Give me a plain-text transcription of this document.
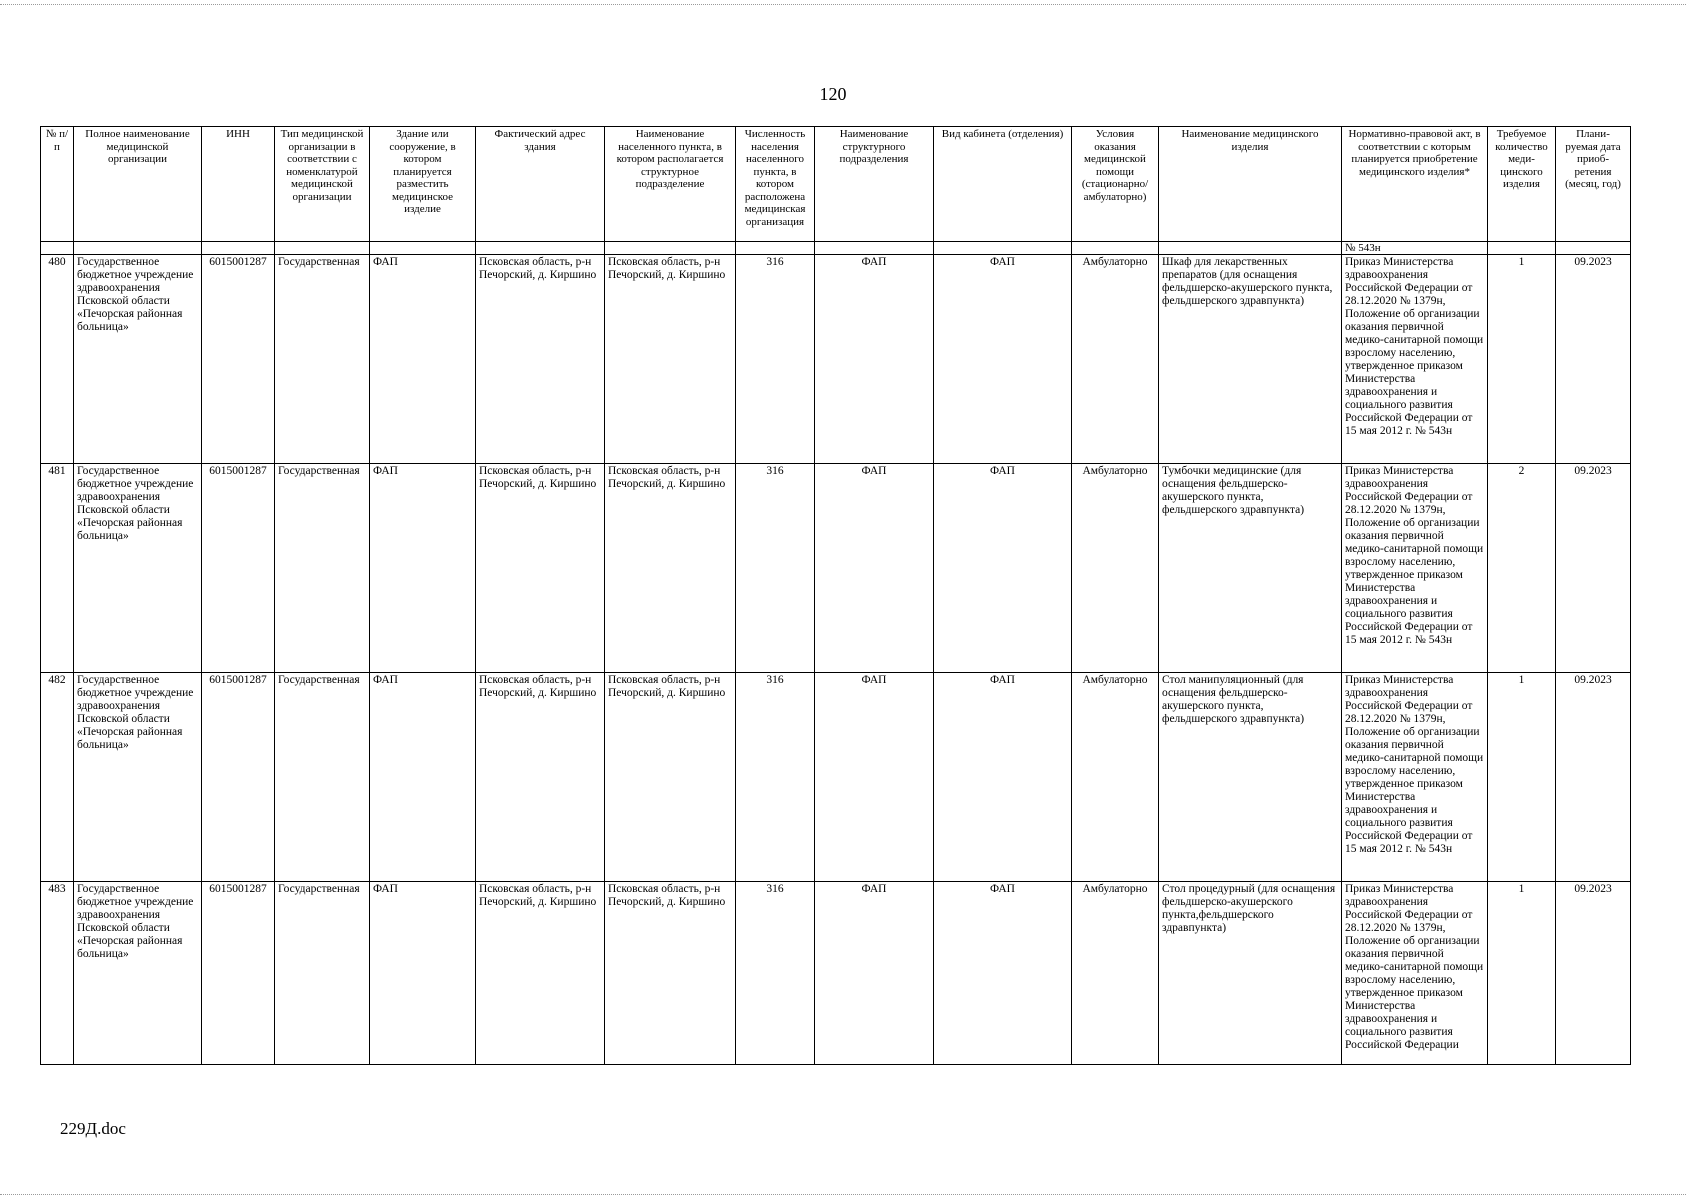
120
№ п/п	Полное наименование медицинской организации	ИНН	Тип медицинской организации в соответствии с номенклатурой медицинской организации	Здание или сооружение, в котором планируется разместить медицинское изделие	Фактический адрес здания	Наименование населенного пункта, в котором располагается структурное подразделение	Численность населения населенного пункта, в котором расположена медицинская организация	Наименование структурного подразделения	Вид кабинета (отделения)	Условия оказания медицинской помощи (стационарно/ амбулаторно)	Наименование медицинского изделия	Нормативно-правовой акт, в соответствии с которым планируется приобретение медицинского изделия*	Требуемое количество меди- цинского изделия	Плани- руемая дата приоб- ретения (месяц, год)
												№ 543н		
480	Государственное бюджетное учреждение здравоохранения Псковской области «Печорская районная больница»	6015001287	Государственная	ФАП	Псковская область, р-н Печорский, д. Киршино	Псковская область, р-н Печорский, д. Киршино	316	ФАП	ФАП	Амбулаторно	Шкаф для лекарственных препаратов (для оснащения фельдшерско-акушерского пункта, фельдшерского здравпункта)	Приказ Министерства здравоохранения Российской Федерации от 28.12.2020 № 1379н, Положение об организации оказания первичной медико-санитарной помощи взрослому населению, утвержденное приказом Министерства здравоохранения и социального развития Российской Федерации от 15 мая 2012 г. № 543н	1	09.2023
481	Государственное бюджетное учреждение здравоохранения Псковской области «Печорская районная больница»	6015001287	Государственная	ФАП	Псковская область, р-н Печорский, д. Киршино	Псковская область, р-н Печорский, д. Киршино	316	ФАП	ФАП	Амбулаторно	Тумбочки медицинские (для оснащения фельдшерско-акушерского пункта, фельдшерского здравпункта)	Приказ Министерства здравоохранения Российской Федерации от 28.12.2020 № 1379н, Положение об организации оказания первичной медико-санитарной помощи взрослому населению, утвержденное приказом Министерства здравоохранения и социального развития Российской Федерации от 15 мая 2012 г. № 543н	2	09.2023
482	Государственное бюджетное учреждение здравоохранения Псковской области «Печорская районная больница»	6015001287	Государственная	ФАП	Псковская область, р-н Печорский, д. Киршино	Псковская область, р-н Печорский, д. Киршино	316	ФАП	ФАП	Амбулаторно	Стол манипуляционный (для оснащения фельдшерско-акушерского пункта, фельдшерского здравпункта)	Приказ Министерства здравоохранения Российской Федерации от 28.12.2020 № 1379н, Положение об организации оказания первичной медико-санитарной помощи взрослому населению, утвержденное приказом Министерства здравоохранения и социального развития Российской Федерации от 15 мая 2012 г. № 543н	1	09.2023
483	Государственное бюджетное учреждение здравоохранения Псковской области «Печорская районная больница»	6015001287	Государственная	ФАП	Псковская область, р-н Печорский, д. Киршино	Псковская область, р-н Печорский, д. Киршино	316	ФАП	ФАП	Амбулаторно	Стол процедурный (для оснащения фельдшерско-акушерского пункта,фельдшерского здравпункта)	Приказ Министерства здравоохранения Российской Федерации от 28.12.2020 № 1379н, Положение об организации оказания первичной медико-санитарной помощи взрослому населению, утвержденное приказом Министерства здравоохранения и социального развития Российской Федерации	1	09.2023
229Д.doc
